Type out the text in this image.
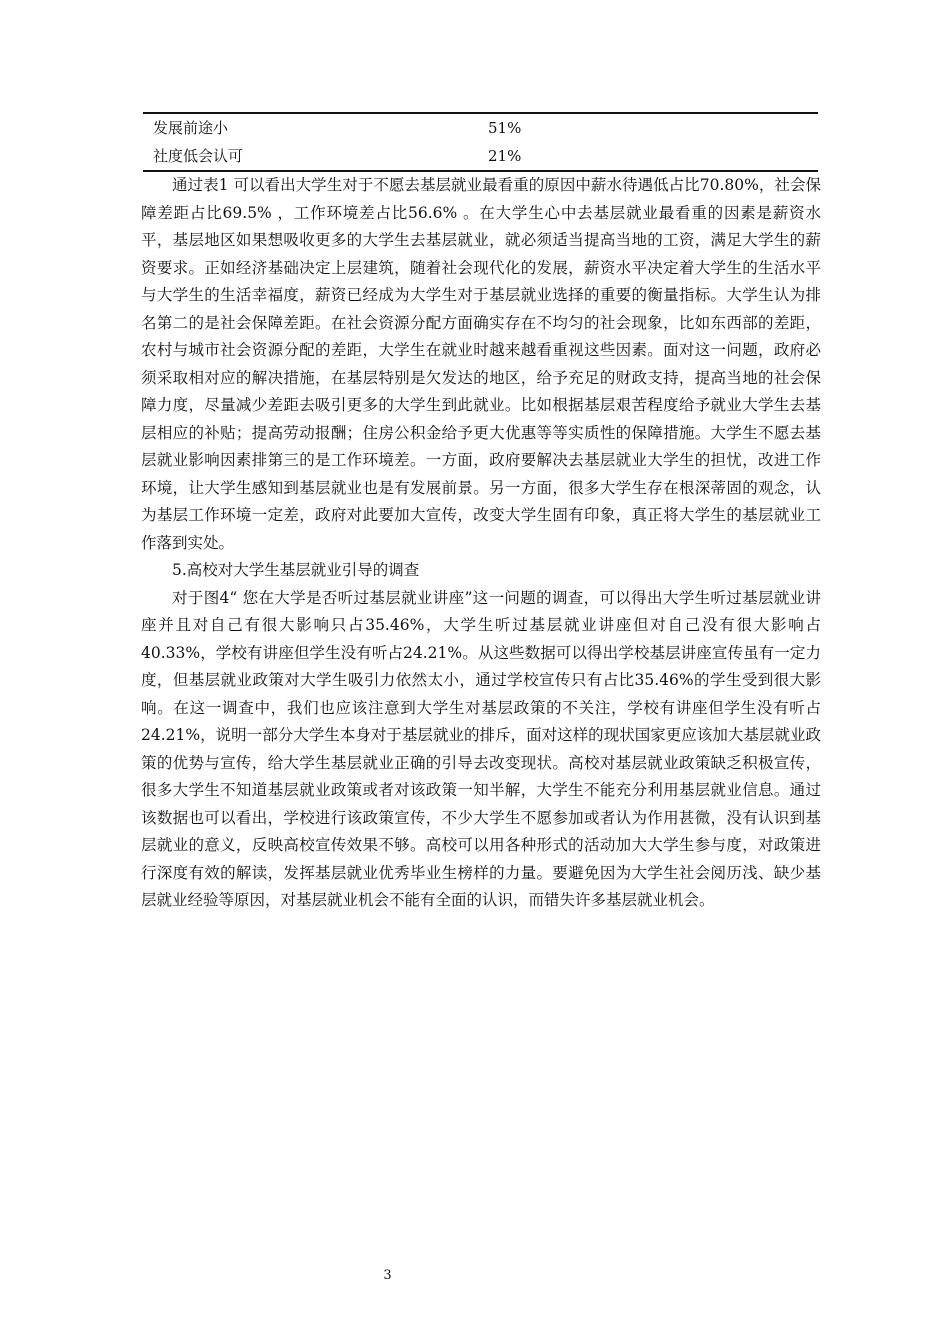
发展前途小	51%
社度低会认可	21%

通过表1 可以看出大学生对于不愿去基层就业最看重的原因中薪水待遇低占比70.80%，社会保障差距占比69.5% ，工作环境差占比56.6% 。在大学生心中去基层就业最看重的因素是薪资水平，基层地区如果想吸收更多的大学生去基层就业，就必须适当提高当地的工资，满足大学生的薪资要求。正如经济基础决定上层建筑，随着社会现代化的发展，薪资水平决定着大学生的生活水平与大学生的生活幸福度，薪资已经成为大学生对于基层就业选择的重要的衡量指标。大学生认为排名第二的是社会保障差距。在社会资源分配方面确实存在不均匀的社会现象，比如东西部的差距，农村与城市社会资源分配的差距，大学生在就业时越来越看重视这些因素。面对这一问题，政府必须采取相对应的解决措施，在基层特别是欠发达的地区，给予充足的财政支持，提高当地的社会保障力度，尽量减少差距去吸引更多的大学生到此就业。比如根据基层艰苦程度给予就业大学生去基层相应的补贴；提高劳动报酬；住房公积金给予更大优惠等等实质性的保障措施。大学生不愿去基层就业影响因素排第三的是工作环境差。一方面，政府要解决去基层就业大学生的担忧，改进工作环境，让大学生感知到基层就业也是有发展前景。另一方面，很多大学生存在根深蒂固的观念，认为基层工作环境一定差，政府对此要加大宣传，改变大学生固有印象，真正将大学生的基层就业工作落到实处。

5.高校对大学生基层就业引导的调查

对于图4“ 您在大学是否听过基层就业讲座”这一问题的调查，可以得出大学生听过基层就业讲座并且对自己有很大影响只占35.46%，大学生听过基层就业讲座但对自己没有很大影响占40.33%，学校有讲座但学生没有听占24.21%。从这些数据可以得出学校基层讲座宣传虽有一定力度，但基层就业政策对大学生吸引力依然太小，通过学校宣传只有占比35.46%的学生受到很大影响。在这一调查中，我们也应该注意到大学生对基层政策的不关注，学校有讲座但学生没有听占24.21%，说明一部分大学生本身对于基层就业的排斥，面对这样的现状国家更应该加大基层就业政策的优势与宣传，给大学生基层就业正确的引导去改变现状。高校对基层就业政策缺乏积极宣传，很多大学生不知道基层就业政策或者对该政策一知半解，大学生不能充分利用基层就业信息。通过该数据也可以看出，学校进行该政策宣传，不少大学生不愿参加或者认为作用甚微，没有认识到基层就业的意义，反映高校宣传效果不够。高校可以用各种形式的活动加大大学生参与度，对政策进行深度有效的解读，发挥基层就业优秀毕业生榜样的力量。要避免因为大学生社会阅历浅、缺少基层就业经验等原因，对基层就业机会不能有全面的认识，而错失许多基层就业机会。

3
